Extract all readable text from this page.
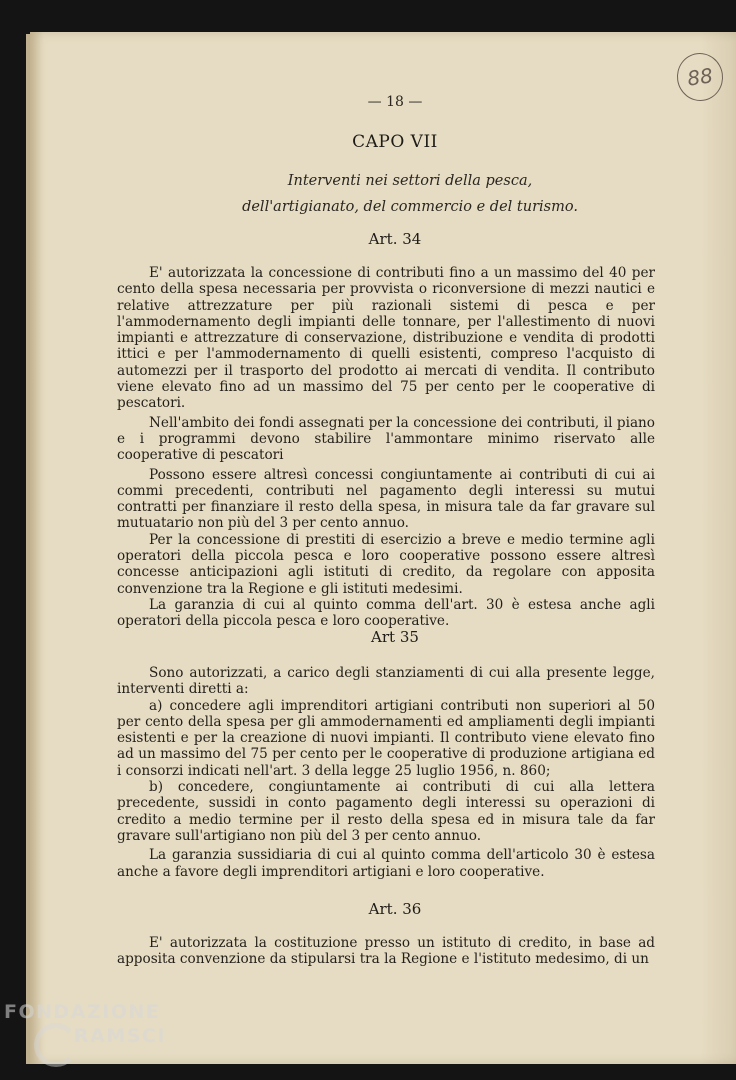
88
— 18 —
CAPO VII
Interventi nei settori della pesca,
dell'artigianato, del commercio e del turismo.
Art. 34

E' autorizzata la concessione di contributi fino a un massimo del 40 per cento della spesa necessaria per provvista o riconversione di mezzi nautici e relative attrezzature per più razionali sistemi di pesca e per l'ammodernamento degli impianti delle tonnare, per l'allestimento di nuovi impianti e attrezzature di conservazione, distribuzione e vendita di prodotti ittici e per l'ammodernamento di quelli esistenti, compreso l'acquisto di automezzi per il trasporto del prodotto ai mercati di vendita. Il contributo viene elevato fino ad un massimo del 75 per cento per le cooperative di pescatori.

Nell'ambito dei fondi assegnati per la concessione dei contributi, il piano e i programmi devono stabilire l'ammontare minimo riservato alle cooperative di pescatori

Possono essere altresì concessi congiuntamente ai contributi di cui ai commi precedenti, contributi nel pagamento degli interessi su mutui contratti per finanziare il resto della spesa, in misura tale da far gravare sul mutuatario non più del 3 per cento annuo.

Per la concessione di prestiti di esercizio a breve e medio termine agli operatori della piccola pesca e loro cooperative possono essere altresì concesse anticipazioni agli istituti di credito, da regolare con apposita convenzione tra la Regione e gli istituti medesimi.

La garanzia di cui al quinto comma dell'art. 30 è estesa anche agli operatori della piccola pesca e loro cooperative.

Art 35

Sono autorizzati, a carico degli stanziamenti di cui alla presente legge, interventi diretti a:

a) concedere agli imprenditori artigiani contributi non superiori al 50 per cento della spesa per gli ammodernamenti ed ampliamenti degli impianti esistenti e per la creazione di nuovi impianti. Il contributo viene elevato fino ad un massimo del 75 per cento per le cooperative di produzione artigiana ed i consorzi indicati nell'art. 3 della legge 25 luglio 1956, n. 860;

b) concedere, congiuntamente ai contributi di cui alla lettera precedente, sussidi in conto pagamento degli interessi su operazioni di credito a medio termine per il resto della spesa ed in misura tale da far gravare sull'artigiano non più del 3 per cento annuo.

La garanzia sussidiaria di cui al quinto comma dell'articolo 30 è estesa anche a favore degli imprenditori artigiani e loro cooperative.

Art. 36

E' autorizzata la costituzione presso un istituto di credito, in base ad apposita convenzione da stipularsi tra la Regione e l'istituto medesimo, di un

FONDAZIONE
RAMSCI
